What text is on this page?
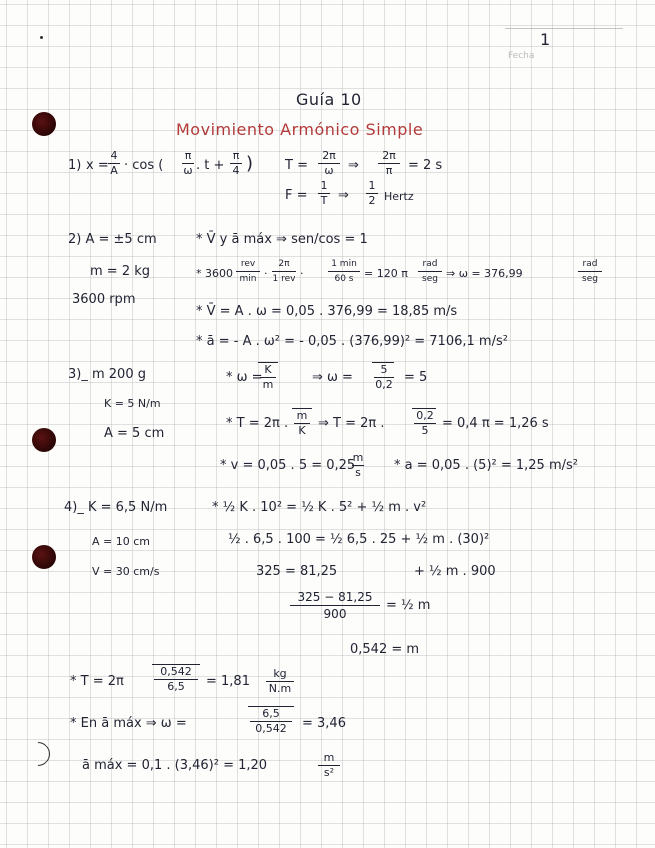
Fecha
1
Guía 10
Movimiento Armónico Simple
1) x =
4
A · cos (
π
ω . t +
π
4 ) T =
2π
ω	⇒
2π
π	= 2 s
F =
1
T ⇒
1
2 Hertz
2) A = ±5 cm
m = 2 kg
3600 rpm
* V̄ y ā máx ⇒ sen/cos = 1
* 3600
rev
min ·
2π
1 rev ·
1 min
60 s = 120 π
rad
seg ⇒ ω = 376,99
rad
seg
* V̄ = A . ω = 0,05 . 376,99 = 18,85 m/s
* ā = - A . ω² = - 0,05 . (376,99)² = 7106,1 m/s²
3)_ m 200 g
K = 5 N/m
A = 5 cm
* ω =
K
m	⇒ ω =
5
0,2 = 5
* T = 2π .
m
K ⇒ T = 2π .
0,2
5	= 0,4 π = 1,26 s
* v = 0,05 . 5 = 0,25
m
s	* a = 0,05 . (5)² = 1,25 m/s²
4)_ K = 6,5 N/m
A = 10 cm
V = 30 cm/s
* ½ K . 10² = ½ K . 5² + ½ m . v²
½ . 6,5 . 100 = ½ 6,5 . 25 + ½ m . (30)²
325 = 81,25	+ ½ m . 900
325 − 81,25
900
= ½ m
0,542 = m
* T = 2π
0,542
6,5	= 1,81
kg
N.m
* En ā máx ⇒ ω =
6,5
0,542	= 3,46
ā máx = 0,1 . (3,46)² = 1,20
m
s²
